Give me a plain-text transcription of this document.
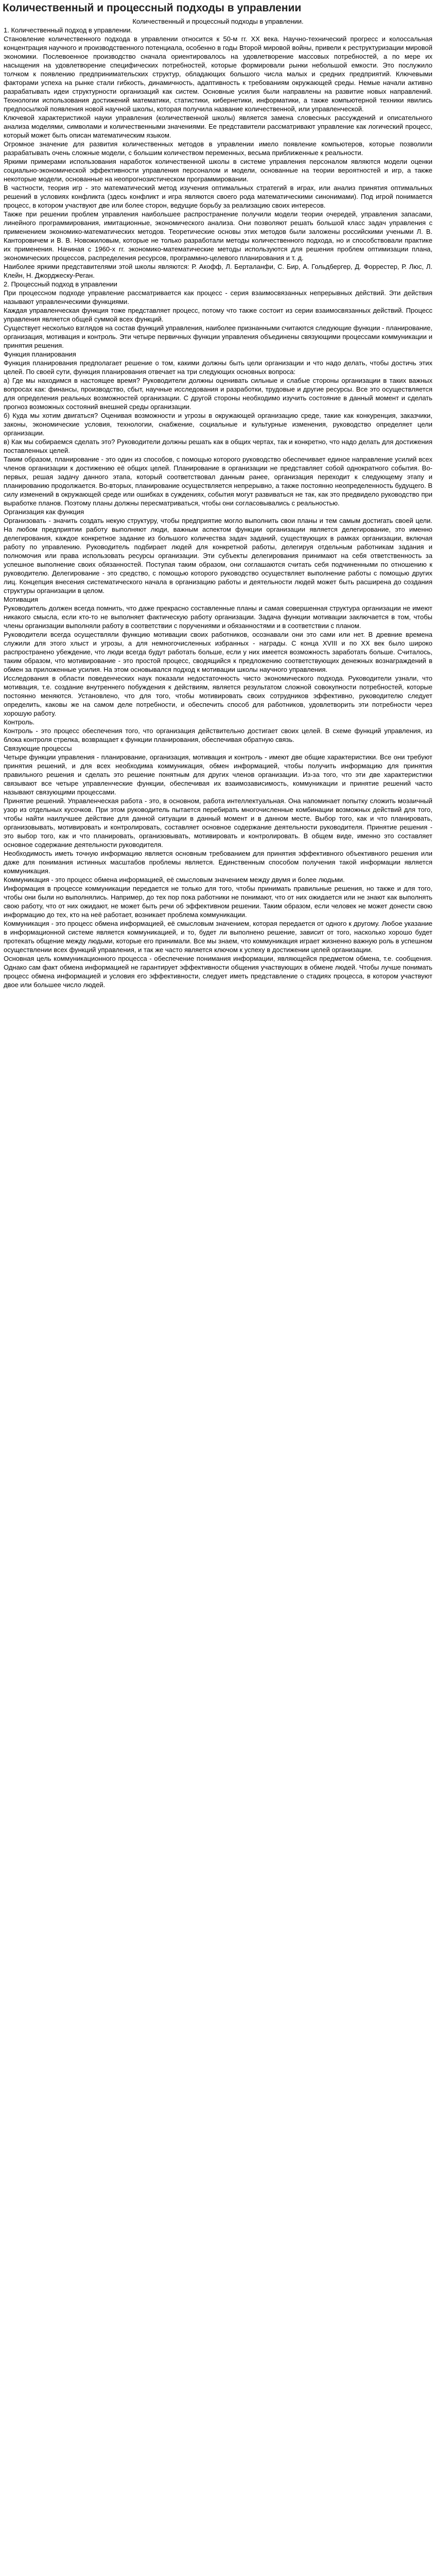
Количественный и процессный подходы в управлении

Количественный и процессный подходы в управлении.

1. Количественный подход в управлении.

Становление количественного подхода в управлении относится к 50-м гг. ХХ века. Научно-технический прогресс и колоссальная концентрация научного и производственного потенциала, особенно в годы Второй мировой войны, привели к реструктуризации мировой экономики. Послевоенное производство сначала ориентировалось на удовлетворение массовых потребностей, а по мере их насыщения на удовлетворение специфических потребностей, которые формировали рынки небольшой емкости. Это послужило толчком к появлению предпринимательских структур, обладающих большого числа малых и средних предприятий. Ключевыми факторами успеха на рынке стали гибкость, динамичность, адаптивность к требованиям окружающей среды. Немые начали активно разрабатывать идеи структурности организаций как систем. Основные усилия были направлены на развитие новых направлений. Технологии использования достижений математики, статистики, кибернетики, информатики, а также компьютерной техники явились предпосылкой появления новой научной школы, которая получила название количественной, или управленческой.

Ключевой характеристикой науки управления (количественной школы) является замена словесных рассуждений и описательного анализа моделями, символами и количественными значениями. Ее представители рассматривают управление как логический процесс, который может быть описан математическим языком.

Огромное значение для развития количественных методов в управлении имело появление компьютеров, которые позволили разрабатывать очень сложные модели, с большим количеством переменных, весьма приближенные к реальности.

Яркими примерами использования наработок количественной школы в системе управления персоналом являются модели оценки социально-экономической эффективности управления персоналом и модели, основанные на теории вероятностей и игр, а также некоторые модели, основанные на неопрогнозистическом программировании.

В частности, теория игр - это математический метод изучения оптимальных стратегий в играх, или анализ принятия оптимальных решений в условиях конфликта (здесь конфликт и игра являются своего рода математическими синонимами). Под игрой понимается процесс, в котором участвуют две или более сторон, ведущие борьбу за реализацию своих интересов.

Также при решении проблем управления наибольшее распространение получили модели теории очередей, управления запасами, линейного программирования, имитационные, экономического анализа. Они позволяют решать большой класс задач управления с применением экономико-математических методов. Теоретические основы этих методов были заложены российскими учеными Л. В. Канторовичем и В. В. Новожиловым, которые не только разработали методы количественного подхода, но и способствовали практике их применения. Начиная с 1960-х гг. экономико-математические методы используются для решения проблем оптимизации плана, экономических процессов, распределения ресурсов, программно-целевого планирования и т. д.

Наиболее яркими представителями этой школы являются: Р. Акофф, Л. Берталанфи, С. Бир, А. Гольдбергер, Д. Форрестер, Р. Люс, Л. Клейн, Н. Джорджеску-Реган.

2. Процессный подход в управлении

При процессном подходе управление рассматривается как процесс - серия взаимосвязанных непрерывных действий. Эти действия называют управленческими функциями.

Каждая управленческая функция тоже представляет процесс, потому что также состоит из серии взаимосвязанных действий. Процесс управления является общей суммой всех функций.

Существует несколько взглядов на состав функций управления, наиболее признанными считаются следующие функции - планирование, организация, мотивация и контроль. Эти четыре первичных функции управления объединены связующими процессами коммуникации и принятия решения.

Функция планирования

Функция планирования предполагает решение о том, какими должны быть цели организации и что надо делать, чтобы достичь этих целей. По своей сути, функция планирования отвечает на три следующих основных вопроса:

а) Где мы находимся в настоящее время? Руководители должны оценивать сильные и слабые стороны организации в таких важных вопросах как: финансы, производство, сбыт, научные исследования и разработки, трудовые и другие ресурсы. Все это осуществляется для определения реальных возможностей организации. С другой стороны необходимо изучить состояние в данный момент и сделать прогноз возможных состояний внешней среды организации.

б) Куда мы хотим двигаться? Оценивая возможности и угрозы в окружающей организацию среде, такие как конкуренция, заказчики, законы, экономические условия, технологии, снабжение, социальные и культурные изменения, руководство определяет цели организации.

в) Как мы собираемся сделать это? Руководители должны решать как в общих чертах, так и конкретно, что надо делать для достижения поставленных целей.

Таким образом, планирование - это один из способов, с помощью которого руководство обеспечивает единое направление усилий всех членов организации к достижению её общих целей. Планирование в организации не представляет собой однократного события. Во-первых, решая задачу данного этапа, который соответствовал данным ранее, организация переходит к следующему этапу и планированию продолжается. Во-вторых, планирование осуществляется непрерывно, а также постоянно неопределенность будущего. В силу изменений в окружающей среде или ошибках в суждениях, события могут развиваться не так, как это предвидело руководство при выработке планов. Поэтому планы должны пересматриваться, чтобы они согласовывались с реальностью.

Организация как функция

Организовать - значить создать некую структуру, чтобы предприятие могло выполнить свои планы и тем самым достигать своей цели. На любом предприятии работу выполняют люди, важным аспектом функции организации является делегирование, это именно делегирования, каждое конкретное задание из большого количества задач заданий, существующих в рамках организации, включая работу по управлению. Руководитель подбирает людей для конкретной работы, делегируя отдельным работникам задания и полномочия или права использовать ресурсы организации. Эти субъекты делегирования принимают на себя ответственность за успешное выполнение своих обязанностей. Поступая таким образом, они соглашаются считать себя подчиненными по отношению к руководителю. Делегирование - это средство, с помощью которого руководство осуществляет выполнение работы с помощью других лиц. Концепция внесения систематического начала в организацию работы и деятельности людей может быть расширена до создания структуры организации в целом.

Мотивация

Руководитель должен всегда помнить, что даже прекрасно составленные планы и самая совершенная структура организации не имеют никакого смысла, если кто-то не выполняет фактическую работу организации. Задача функции мотивации заключается в том, чтобы члены организации выполняли работу в соответствии с поручениями и обязанностями и в соответствии с планом.

Руководители всегда осуществляли функцию мотивации своих работников, осознавали они это сами или нет. В древние времена служили для этого хлыст и угрозы, а для немногочисленных избранных - награды. С конца XVIII и по XX век было широко распространено убеждение, что люди всегда будут работать больше, если у них имеется возможность заработать больше. Считалось, таким образом, что мотивирование - это простой процесс, сводящийся к предложению соответствующих денежных вознаграждений в обмен за приложенные усилия. На этом основывался подход к мотивации школы научного управления.

Исследования в области поведенческих наук показали недостаточность чисто экономического подхода. Руководители узнали, что мотивация, т.е. создание внутреннего побуждения к действиям, является результатом сложной совокупности потребностей, которые постоянно меняются. Установлено, что для того, чтобы мотивировать своих сотрудников эффективно, руководителю следует определить, каковы же на самом деле потребности, и обеспечить способ для работников, удовлетворить эти потребности через хорошую работу.

Контроль.

Контроль - это процесс обеспечения того, что организация действительно достигает своих целей. В схеме функций управления, из блока контроля стрелка, возвращает к функции планирования, обеспечивая обратную связь.

Связующие процессы

Четыре функции управления - планирование, организация, мотивация и контроль - имеют две общие характеристики. Все они требуют принятия решений, и для всех необходима коммуникация, обмен информацией, чтобы получить информацию для принятия правильного решения и сделать это решение понятным для других членов организации. Из-за того, что эти две характеристики связывают все четыре управленческие функции, обеспечивая их взаимозависимость, коммуникации и принятие решений часто называют связующими процессами.

Принятие решений. Управленческая работа - это, в основном, работа интеллектуальная. Она напоминает попытку сложить мозаичный узор из отдельных кусочков. При этом руководитель пытается перебирать многочисленные комбинации возможных действий для того, чтобы найти наилучшее действие для данной ситуации в данный момент и в данном месте. Выбор того, как и что планировать, организовывать, мотивировать и контролировать, составляет основное содержание деятельности руководителя. Принятие решения - это выбор того, как и что планировать, организовывать, мотивировать и контролировать. В общем виде, именно это составляет основное содержание деятельности руководителя.

Необходимость иметь точную информацию является основным требованием для принятия эффективного объективного решения или даже для понимания истинных масштабов проблемы является. Единственным способом получения такой информации является коммуникация.

Коммуникация - это процесс обмена информацией, её смысловым значением между двумя и более людьми.

Информация в процессе коммуникации передается не только для того, чтобы принимать правильные решения, но также и для того, чтобы они были но выполнялись. Например, до тех пор пока работники не понимают, что от них ожидается или не знают как выполнять свою работу, что от них ожидают, не может быть речи об эффективном решении. Таким образом, если человек не может донести свою информацию до тех, кто на неё работает, возникает проблема коммуникации.

Коммуникация - это процесс обмена информацией, её смысловым значением, которая передается от одного к другому. Любое указание в информационной системе является коммуникацией, и то, будет ли выполнено решение, зависит от того, насколько хорошо будет протекать общение между людьми, которые его принимали. Все мы знаем, что коммуникация играет жизненно важную роль в успешном осуществлении всех функций управления, и так же часто является ключом к успеху в достижении целей организации.

Основная цель коммуникационного процесса - обеспечение понимания информации, являющейся предметом обмена, т.е. сообщения. Однако сам факт обмена информацией не гарантирует эффективности общения участвующих в обмене людей. Чтобы лучше понимать процесс обмена информацией и условия его эффективности, следует иметь представление о стадиях процесса, в котором участвуют двое или большее число людей.
